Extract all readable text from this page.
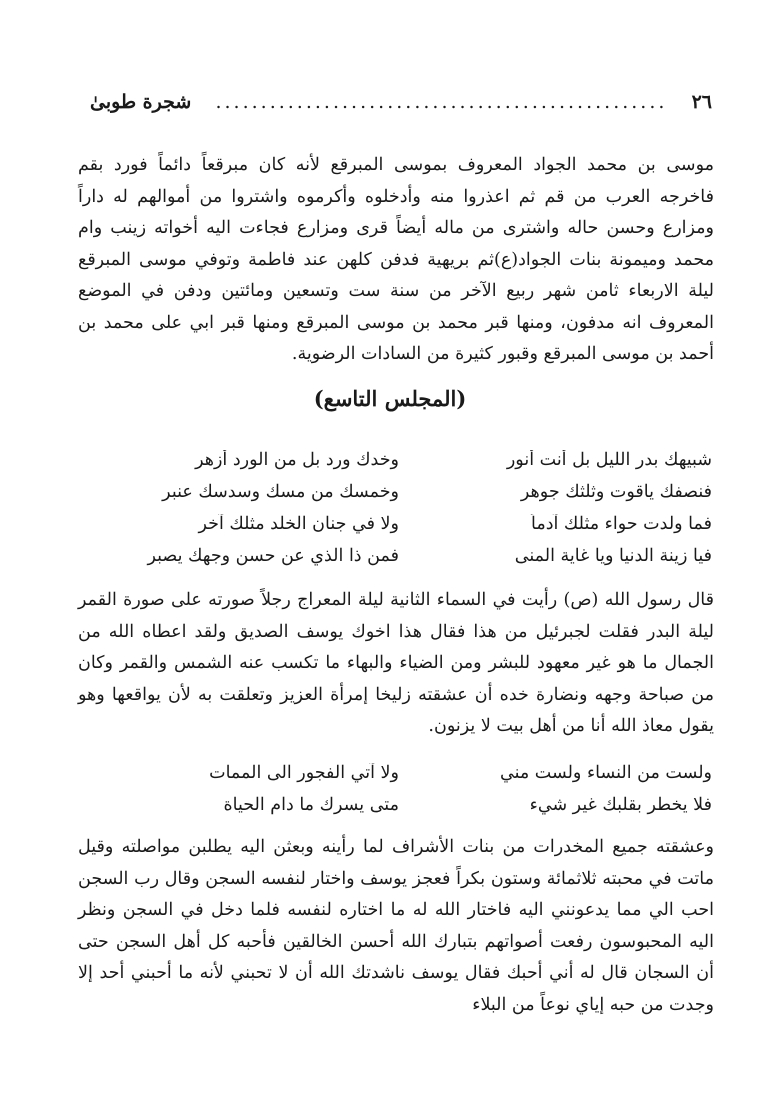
٢٦
..................................................
شجرة طوبىٰ

موسى بن محمد الجواد المعروف بموسى المبرقع لأنه كان مبرقعاً دائماً فورد بقم فاخرجه العرب من قم ثم اعذروا منه وأدخلوه وأكرموه واشتروا من أموالهم له داراً ومزارع وحسن حاله واشترى من ماله أيضاً قرى ومزارع فجاءت اليه أخواته زينب وام محمد وميمونة بنات الجواد(ع)ثم بريهية فدفن كلهن عند فاطمة وتوفي موسى المبرقع ليلة الاربعاء ثامن شهر ربيع الآخر من سنة ست وتسعين ومائتين ودفن في الموضع المعروف انه مدفون، ومنها قبر محمد بن موسى المبرقع ومنها قبر ابي على محمد بن أحمد بن موسى المبرقع وقبور كثيرة من السادات الرضوية.

(المجلس التاسع)
شبيهك بدر الليل بل أنت أنور
وخدك ورد بل من الورد أزهر
فنصفك ياقوت وثلثك جوهر
وخمسك من مسك وسدسك عنبر
فما ولدت حواء مثلك آدماً
ولا في جنان الخلد مثلك آخر
فيا زينة الدنيا ويا غاية المنى
فمن ذا الذي عن حسن وجهك يصبر

قال رسول الله (ص) رأيت في السماء الثانية ليلة المعراج رجلاً صورته على صورة القمر ليلة البدر فقلت لجبرئيل من هذا فقال هذا اخوك يوسف الصديق ولقد اعطاه الله من الجمال ما هو غير معهود للبشر ومن الضياء والبهاء ما تكسب عنه الشمس والقمر وكان من صباحة وجهه ونضارة خده أن عشقته زليخا إمرأة العزيز وتعلقت به لأن يواقعها وهو يقول معاذ الله أنا من أهل بيت لا يزنون.

ولست من النساء ولست مني
ولا آتي الفجور الى الممات
فلا يخطر بقلبك غير شيء
متى يسرك ما دام الحياة

وعشقته جميع المخدرات من بنات الأشراف لما رأينه وبعثن اليه يطلبن مواصلته وقيل ماتت في محبته ثلاثمائة وستون بكراً فعجز يوسف واختار لنفسه السجن وقال رب السجن احب الي مما يدعونني اليه فاختار الله له ما اختاره لنفسه فلما دخل في السجن ونظر اليه المحبوسون رفعت أصواتهم بتبارك الله أحسن الخالقين فأحبه كل أهل السجن حتى أن السجان قال له أني أحبك فقال يوسف ناشدتك الله أن لا تحبني لأنه ما أحبني أحد إلا وجدت من حبه إياي نوعاً من البلاء
